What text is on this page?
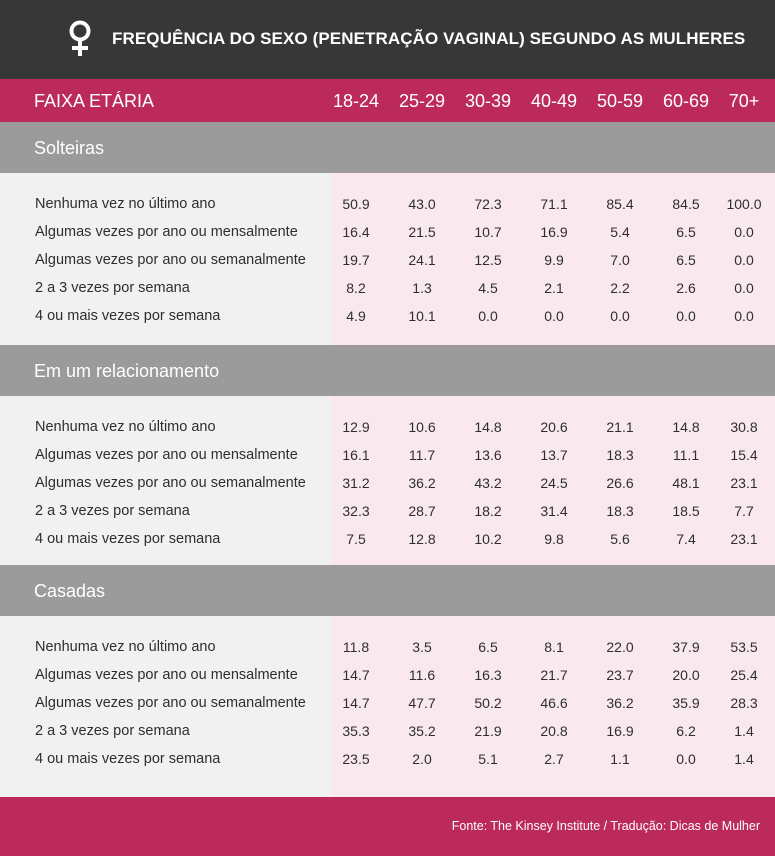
FREQUÊNCIA DO SEXO (PENETRAÇÃO VAGINAL) SEGUNDO AS MULHERES
FAIXA ETÁRIA	18-24	25-29	30-39	40-49	50-59	60-69	70+
Solteiras
Nenhuma vez no último ano	50.9	43.0	72.3	71.1	85.4	84.5	100.0
Algumas vezes por ano ou mensalmente	16.4	21.5	10.7	16.9	5.4	6.5	0.0
Algumas vezes por ano ou semanalmente	19.7	24.1	12.5	9.9	7.0	6.5	0.0
2 a 3 vezes por semana	8.2	1.3	4.5	2.1	2.2	2.6	0.0
4 ou mais vezes por semana	4.9	10.1	0.0	0.0	0.0	0.0	0.0
Em um relacionamento
Nenhuma vez no último ano	12.9	10.6	14.8	20.6	21.1	14.8	30.8
Algumas vezes por ano ou mensalmente	16.1	11.7	13.6	13.7	18.3	11.1	15.4
Algumas vezes por ano ou semanalmente	31.2	36.2	43.2	24.5	26.6	48.1	23.1
2 a 3 vezes por semana	32.3	28.7	18.2	31.4	18.3	18.5	7.7
4 ou mais vezes por semana	7.5	12.8	10.2	9.8	5.6	7.4	23.1
Casadas
Nenhuma vez no último ano	11.8	3.5	6.5	8.1	22.0	37.9	53.5
Algumas vezes por ano ou mensalmente	14.7	11.6	16.3	21.7	23.7	20.0	25.4
Algumas vezes por ano ou semanalmente	14.7	47.7	50.2	46.6	36.2	35.9	28.3
2 a 3 vezes por semana	35.3	35.2	21.9	20.8	16.9	6.2	1.4
4 ou mais vezes por semana	23.5	2.0	5.1	2.7	1.1	0.0	1.4
Fonte: The Kinsey Institute / Tradução: Dicas de Mulher
